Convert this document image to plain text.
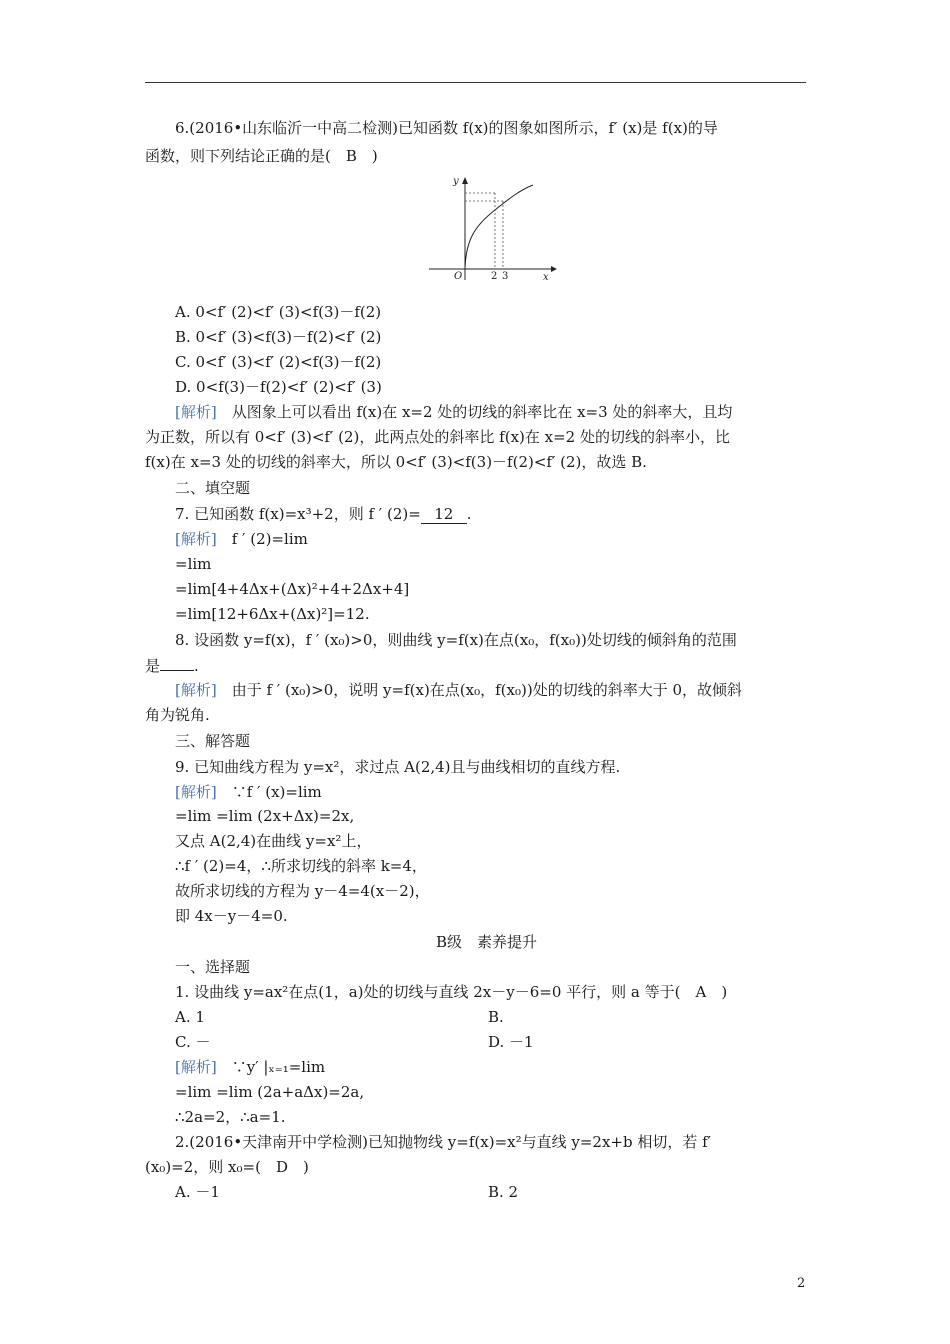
6.(2016•山东临沂一中高二检测)已知函数 f(x)的图象如图所示，f′ (x)是 f(x)的导
函数，则下列结论正确的是(　B　)
y
O	2 3	x
A. 0<f′ (2)<f′ (3)<f(3)－f(2)
B. 0<f′ (3)<f(3)－f(2)<f′ (2)
C. 0<f′ (3)<f′ (2)<f(3)－f(2)
D. 0<f(3)－f(2)<f′ (2)<f′ (3)
[解析]　从图象上可以看出 f(x)在 x=2 处的切线的斜率比在 x=3 处的斜率大，且均
为正数，所以有 0<f′ (3)<f′ (2)，此两点处的斜率比 f(x)在 x=2 处的切线的斜率小，比
f(x)在 x=3 处的切线的斜率大，所以 0<f′ (3)<f(3)－f(2)<f′ (2)，故选 B.
二、填空题
7. 已知函数 f(x)=x³+2，则 f ′ (2)= 12 .
[解析]　f ′ (2)=lim
=lim
=lim[4+4Δx+(Δx)²+4+2Δx+4]
=lim[12+6Δx+(Δx)²]=12.
8. 设函数 y=f(x)，f ′ (x₀)>0，则曲线 y=f(x)在点(x₀，f(x₀))处切线的倾斜角的范围
是 .
[解析]　由于 f ′ (x₀)>0，说明 y=f(x)在点(x₀，f(x₀))处的切线的斜率大于 0，故倾斜
角为锐角.
三、解答题
9. 已知曲线方程为 y=x²，求过点 A(2,4)且与曲线相切的直线方程.
[解析]　∵f ′ (x)=lim
=lim =lim (2x+Δx)=2x,
又点 A(2,4)在曲线 y=x²上，
∴f ′ (2)=4，∴所求切线的斜率 k=4，
故所求切线的方程为 y－4=4(x－2)，
即 4x－y－4=0.
B级　素养提升
一、选择题
1. 设曲线 y=ax²在点(1，a)处的切线与直线 2x－y－6=0 平行，则 a 等于(　A　)
A. 1	B.
C. －	D. －1
[解析]　∵y′ |ₓ₌₁=lim
=lim =lim (2a+aΔx)=2a,
∴2a=2，∴a=1.
2.(2016•天津南开中学检测)已知抛物线 y=f(x)=x²与直线 y=2x+b 相切，若 f′
(x₀)=2，则 x₀=(　D　)
A. －1	B. 2
2
